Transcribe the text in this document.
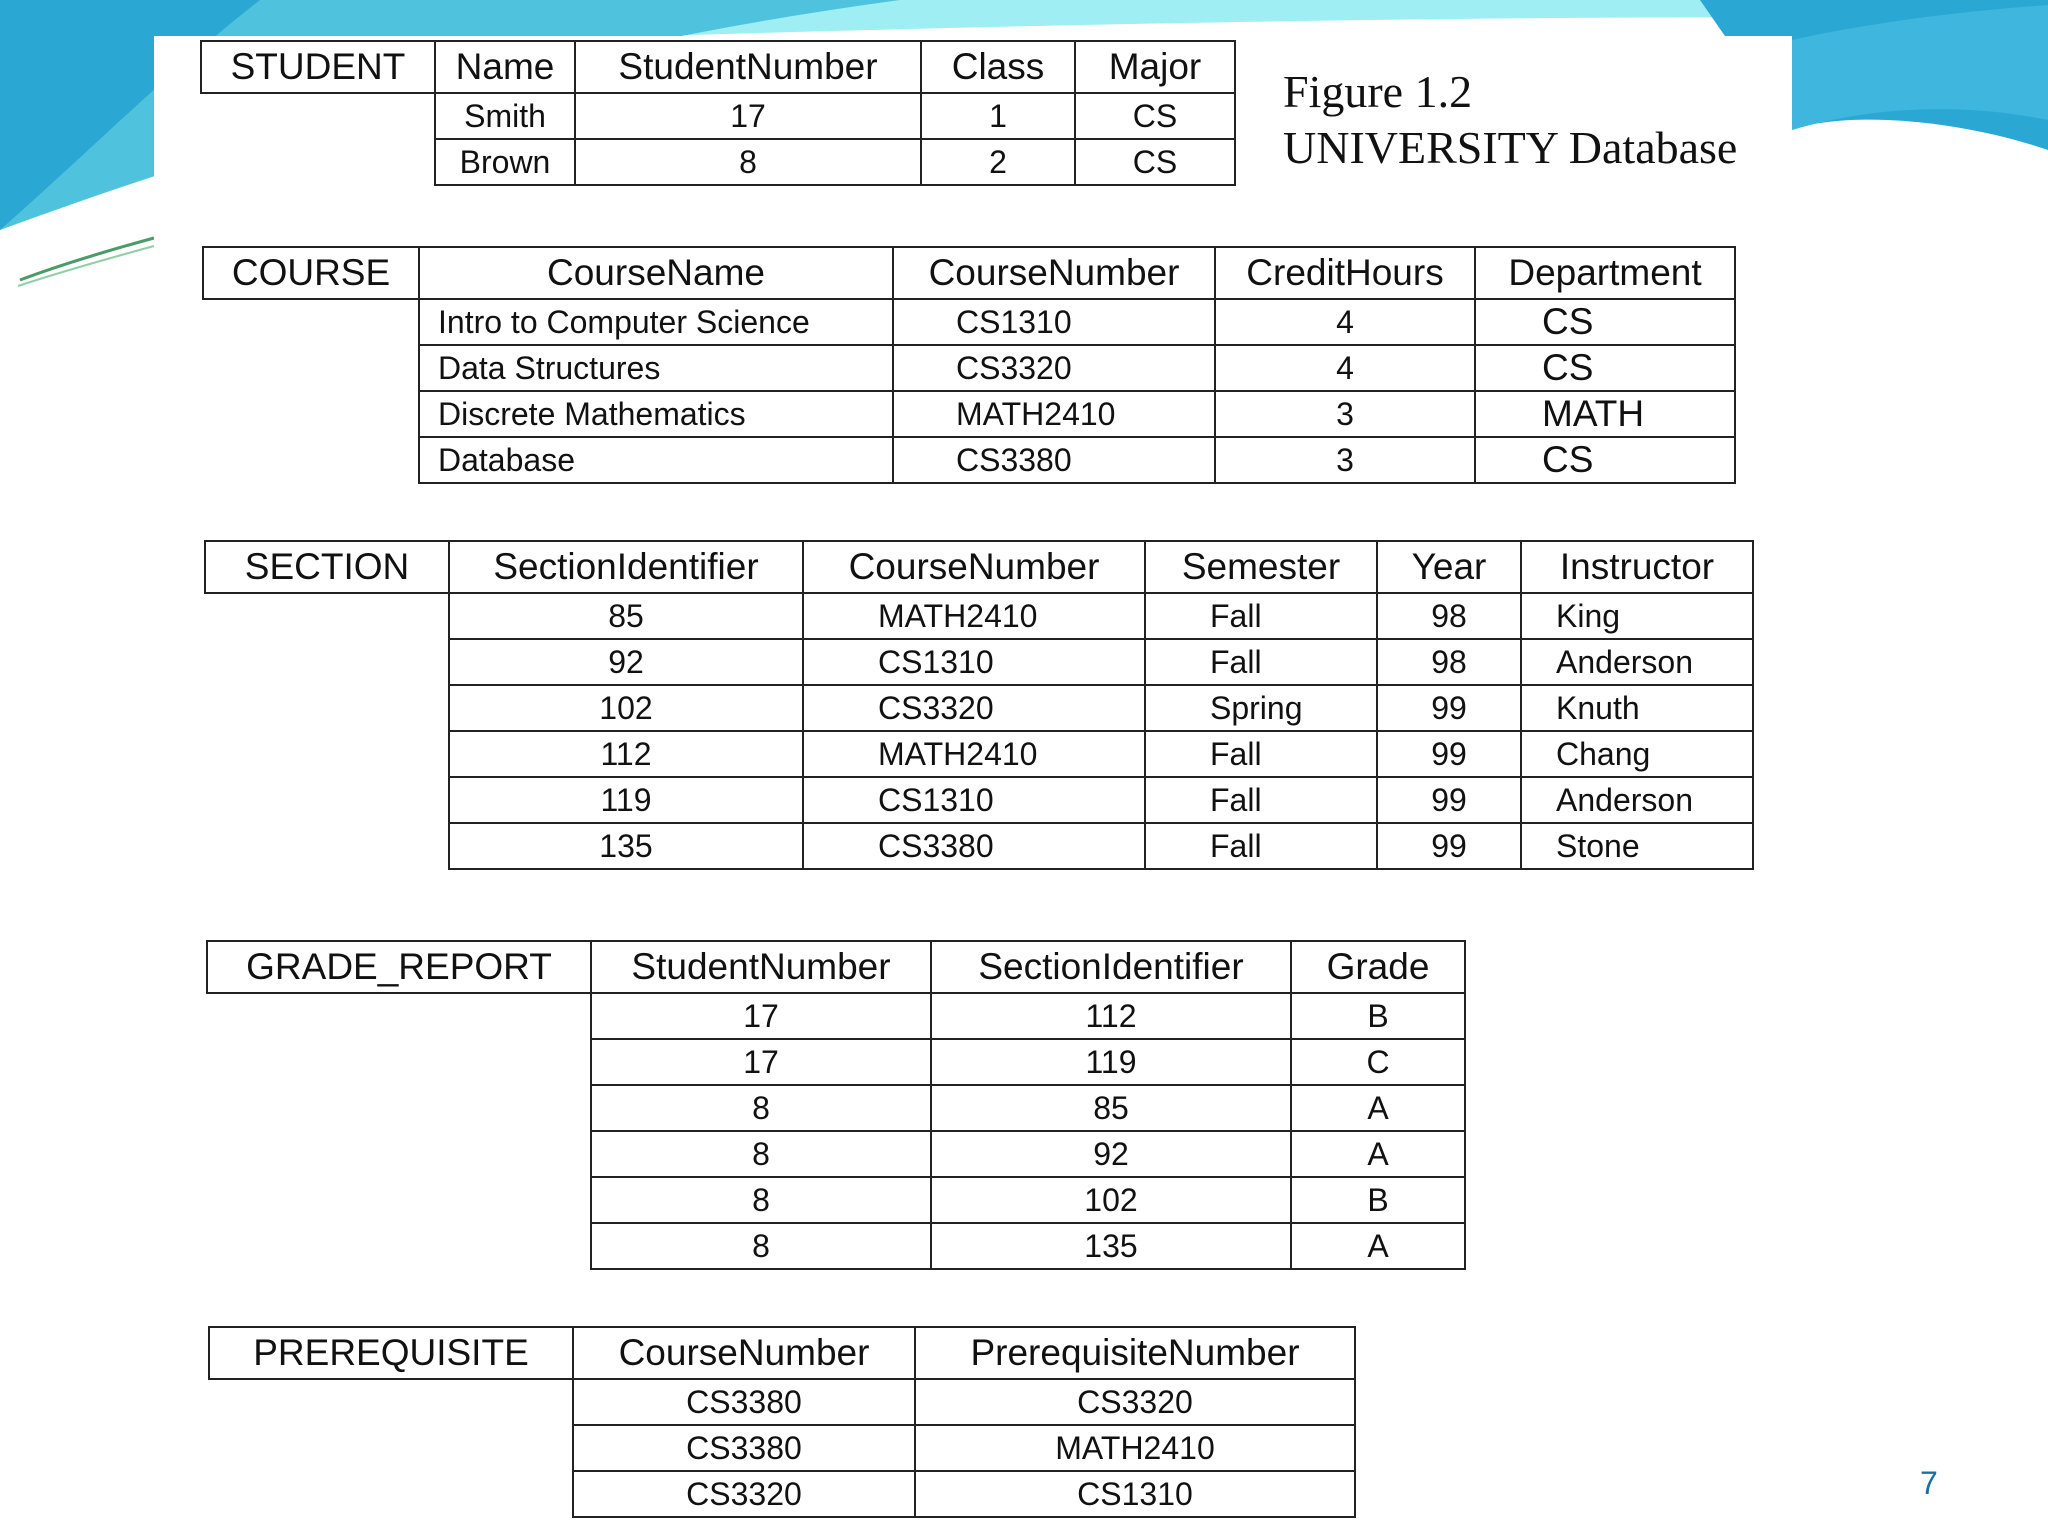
Figure 1.2
UNIVERSITY Database
STUDENT	Name	StudentNumber	Class	Major
	Smith	17	1	CS
	Brown	8	2	CS
COURSE	CourseName	CourseNumber	CreditHours	Department
	Intro to Computer Science	CS1310	4	CS
	Data Structures	CS3320	4	CS
	Discrete Mathematics	MATH2410	3	MATH
	Database	CS3380	3	CS
SECTION	SectionIdentifier	CourseNumber	Semester	Year	Instructor
	85	MATH2410	Fall	98	King
	92	CS1310	Fall	98	Anderson
	102	CS3320	Spring	99	Knuth
	112	MATH2410	Fall	99	Chang
	119	CS1310	Fall	99	Anderson
	135	CS3380	Fall	99	Stone
GRADE_REPORT	StudentNumber	SectionIdentifier	Grade
	17	112	B
	17	119	C
	8	85	A
	8	92	A
	8	102	B
	8	135	A
PREREQUISITE	CourseNumber	PrerequisiteNumber
	CS3380	CS3320
	CS3380	MATH2410
	CS3320	CS1310	7
